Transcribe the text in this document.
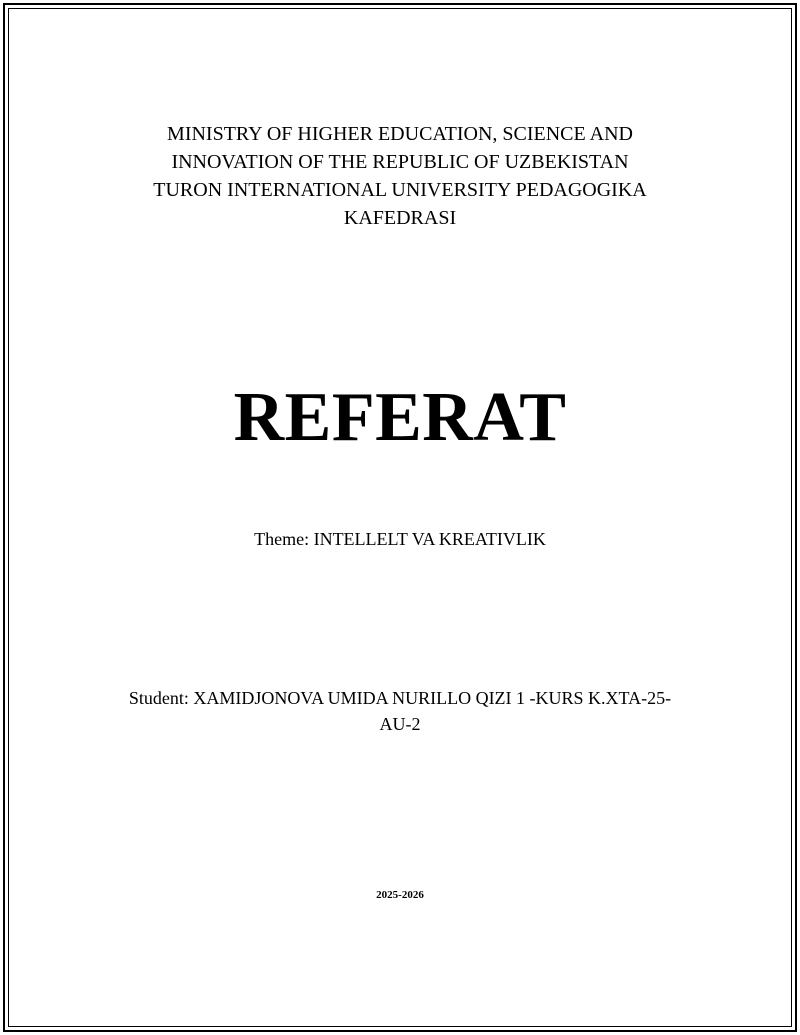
MINISTRY OF HIGHER EDUCATION, SCIENCE AND
INNOVATION OF THE REPUBLIC OF UZBEKISTAN
TURON INTERNATIONAL UNIVERSITY PEDAGOGIKA
KAFEDRASI
REFERAT
Theme: INTELLELT VA KREATIVLIK
Student: XAMIDJONOVA UMIDA NURILLO QIZI 1 -KURS K.XTA-25-
AU-2
2025-2026
